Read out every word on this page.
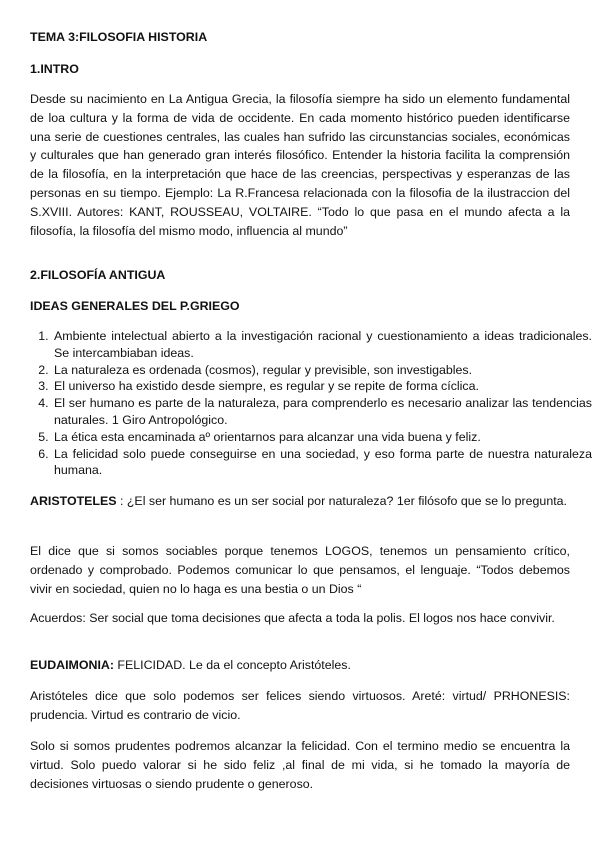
TEMA 3:FILOSOFIA HISTORIA
1.INTRO

Desde su nacimiento en La Antigua Grecia, la filosofía siempre ha sido un elemento fundamental de loa cultura y la forma de vida de occidente. En cada momento histórico pueden identificarse una serie de cuestiones centrales, las cuales han sufrido las circunstancias sociales, económicas y culturales que han generado gran interés filosófico. Entender la historia facilita la comprensión de la filosofía, en la interpretación que hace de las creencias, perspectivas y esperanzas de las personas en su tiempo. Ejemplo: La R.Francesa relacionada con la filosofia de la ilustraccion del S.XVIII. Autores: KANT, ROUSSEAU, VOLTAIRE. “Todo lo que pasa en el mundo afecta a la filosofía, la filosofía del mismo modo, influencia al mundo”

2.FILOSOFÍA ANTIGUA
IDEAS GENERALES DEL P.GRIEGO
1. Ambiente intelectual abierto a la investigación racional y cuestionamiento a ideas tradicionales. Se intercambiaban ideas.
2. La naturaleza es ordenada (cosmos), regular y previsible, son investigables.
3. El universo ha existido desde siempre, es regular y se repite de forma cíclica.
4. El ser humano es parte de la naturaleza, para comprenderlo es necesario analizar las tendencias naturales. 1 Giro Antropológico.
5. La ética esta encaminada aº orientarnos para alcanzar una vida buena y feliz.
6. La felicidad solo puede conseguirse en una sociedad, y eso forma parte de nuestra naturaleza humana.

ARISTOTELES : ¿El ser humano es un ser social por naturaleza? 1er filósofo que se lo pregunta.

El dice que si somos sociables porque tenemos LOGOS, tenemos un pensamiento crítico, ordenado y comprobado. Podemos comunicar lo que pensamos, el lenguaje. “Todos debemos vivir en sociedad, quien no lo haga es una bestia o un Dios “

Acuerdos: Ser social que toma decisiones que afecta a toda la polis. El logos nos hace convivir.

EUDAIMONIA: FELICIDAD. Le da el concepto Aristóteles.

Aristóteles dice que solo podemos ser felices siendo virtuosos. Areté: virtud/ PRHONESIS: prudencia. Virtud es contrario de vicio.

Solo si somos prudentes podremos alcanzar la felicidad. Con el termino medio se encuentra la virtud. Solo puedo valorar si he sido feliz ,al final de mi vida, si he tomado la mayoría de decisiones virtuosas o siendo prudente o generoso.
